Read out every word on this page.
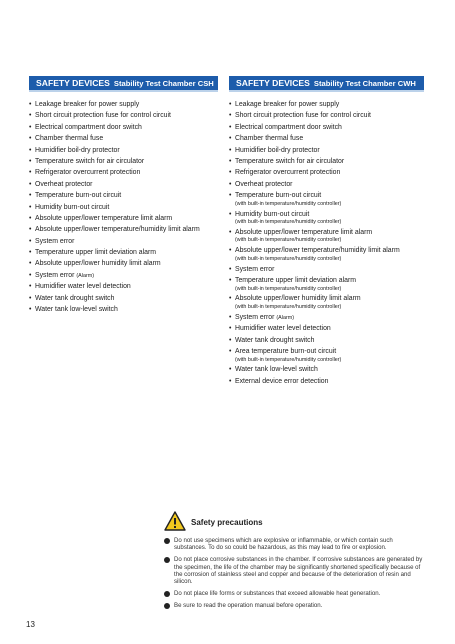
SAFETY DEVICES Stability Test Chamber CSH
• Leakage breaker for power supply
• Short circuit protection fuse for control circuit
• Electrical compartment door switch
• Chamber thermal fuse
• Humidifier boil-dry protector
• Temperature switch for air circulator
• Refrigerator overcurrent protection
• Overheat protector
• Temperature burn-out circuit
• Humidity burn-out circuit
• Absolute upper/lower temperature limit alarm
• Absolute upper/lower temperature/humidity limit alarm
• System error
• Temperature upper limit deviation alarm
• Absolute upper/lower humidity limit alarm
• System error (Alarm)
• Humidifier water level detection
• Water tank drought switch
• Water tank low-level switch
SAFETY DEVICES Stability Test Chamber CWH
• Leakage breaker for power supply
• Short circuit protection fuse for control circuit
• Electrical compartment door switch
• Chamber thermal fuse
• Humidifier boil-dry protector
• Temperature switch for air circulator
• Refrigerator overcurrent protection
• Overheat protector
• Temperature burn-out circuit
(with built-in temperature/humidity controller)
• Humidity burn-out circuit
(with built-in temperature/humidity controller)
• Absolute upper/lower temperature limit alarm
(with built-in temperature/humidity controller)
• Absolute upper/lower temperature/humidity limit alarm
(with built-in temperature/humidity controller)
• System error
• Temperature upper limit deviation alarm
(with built-in temperature/humidity controller)
• Absolute upper/lower humidity limit alarm
(with built-in temperature/humidity controller)
• System error (Alarm)
• Humidifier water level detection
• Water tank drought switch
• Area temperature burn-out circuit
(with built-in temperature/humidity controller)
• Water tank low-level switch
• External device error detection
Safety precautions
Do not use specimens which are explosive or inflammable, or which contain such substances. To do so could be hazardous, as this may lead to fire or explosion.
Do not place corrosive substances in the chamber. If corrosive substances are generated by the specimen, the life of the chamber may be significantly shortened specifically because of the corrosion of stainless steel and copper and because of the deterioration of resin and silicon.
Do not place life forms or substances that exceed allowable heat generation.
Be sure to read the operation manual before operation.
13
